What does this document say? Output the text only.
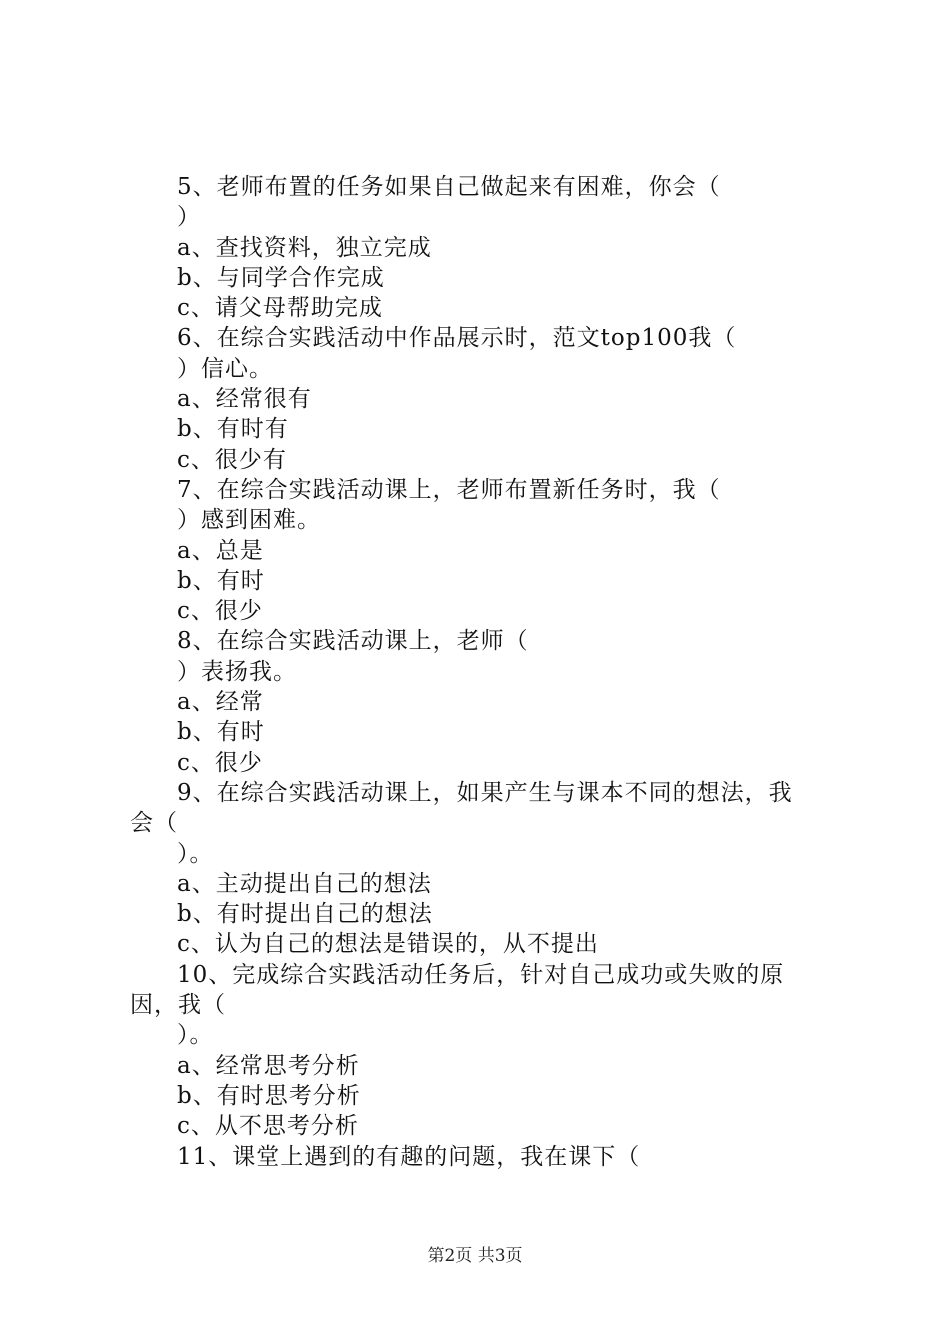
5、老师布置的任务如果自己做起来有困难，你会（
）
a、查找资料，独立完成
b、与同学合作完成
c、请父母帮助完成
6、在综合实践活动中作品展示时，范文top100我（
）信心。
a、经常很有
b、有时有
c、很少有
7、在综合实践活动课上，老师布置新任务时，我（
）感到困难。
a、总是
b、有时
c、很少
8、在综合实践活动课上，老师（
）表扬我。
a、经常
b、有时
c、很少
9、在综合实践活动课上，如果产生与课本不同的想法，我
会（
）。
a、主动提出自己的想法
b、有时提出自己的想法
c、认为自己的想法是错误的，从不提出
10、完成综合实践活动任务后，针对自己成功或失败的原
因，我（
）。
a、经常思考分析
b、有时思考分析
c、从不思考分析
11、课堂上遇到的有趣的问题，我在课下（
第2页 共3页
